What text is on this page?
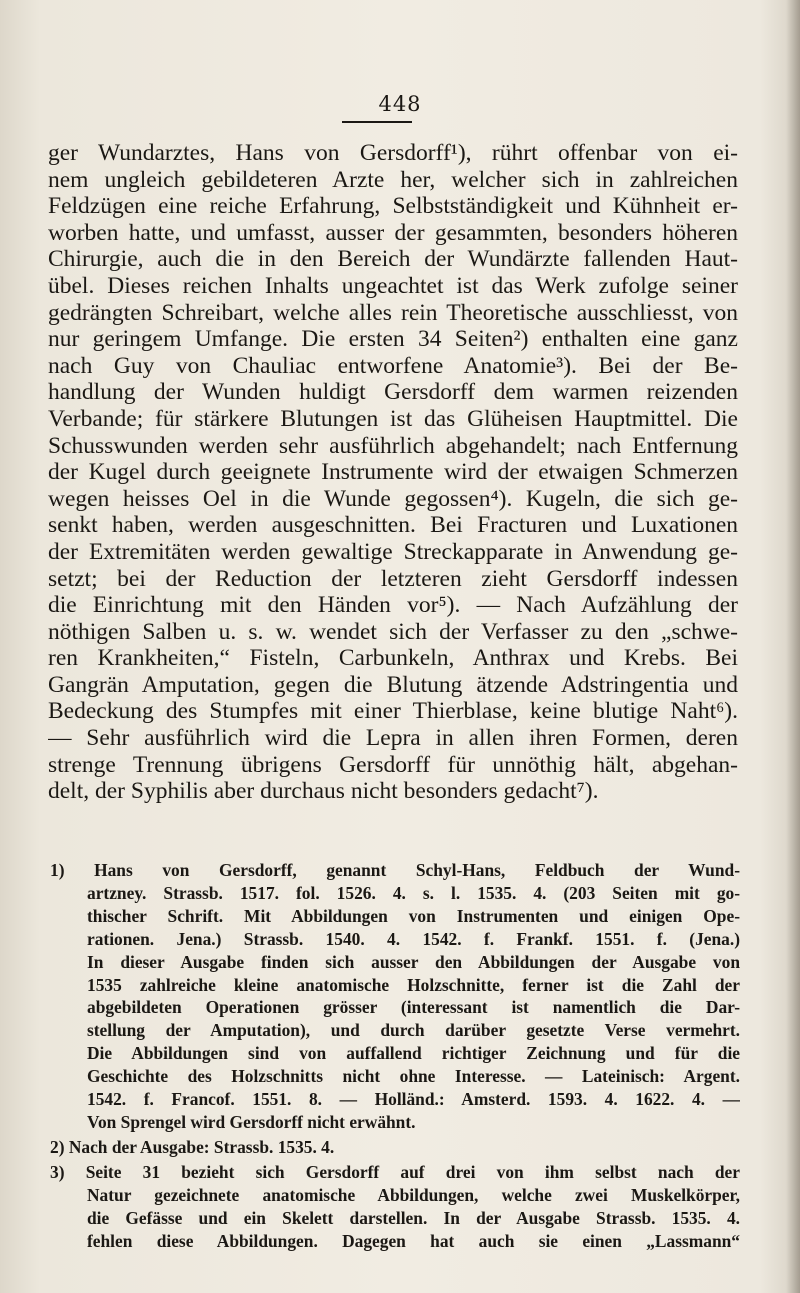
448
ger Wundarztes, Hans von Gersdorff¹), rührt offenbar von ei-
nem ungleich gebildeteren Arzte her, welcher sich in zahlreichen
Feldzügen eine reiche Erfahrung, Selbstständigkeit und Kühnheit er-
worben hatte, und umfasst, ausser der gesammten, besonders höheren
Chirurgie, auch die in den Bereich der Wundärzte fallenden Haut-
übel. Dieses reichen Inhalts ungeachtet ist das Werk zufolge seiner
gedrängten Schreibart, welche alles rein Theoretische ausschliesst, von
nur geringem Umfange. Die ersten 34 Seiten²) enthalten eine ganz
nach Guy von Chauliac entworfene Anatomie³). Bei der Be-
handlung der Wunden huldigt Gersdorff dem warmen reizenden
Verbande; für stärkere Blutungen ist das Glüheisen Hauptmittel. Die
Schusswunden werden sehr ausführlich abgehandelt; nach Entfernung
der Kugel durch geeignete Instrumente wird der etwaigen Schmerzen
wegen heisses Oel in die Wunde gegossen⁴). Kugeln, die sich ge-
senkt haben, werden ausgeschnitten. Bei Fracturen und Luxationen
der Extremitäten werden gewaltige Streckapparate in Anwendung ge-
setzt; bei der Reduction der letzteren zieht Gersdorff indessen
die Einrichtung mit den Händen vor⁵). — Nach Aufzählung der
nöthigen Salben u. s. w. wendet sich der Verfasser zu den „schwe-
ren Krankheiten,“ Fisteln, Carbunkeln, Anthrax und Krebs. Bei
Gangrän Amputation, gegen die Blutung ätzende Adstringentia und
Bedeckung des Stumpfes mit einer Thierblase, keine blutige Naht⁶).
— Sehr ausführlich wird die Lepra in allen ihren Formen, deren
strenge Trennung übrigens Gersdorff für unnöthig hält, abgehan-
delt, der Syphilis aber durchaus nicht besonders gedacht⁷).
1) Hans von Gersdorff, genannt Schyl-Hans, Feldbuch der Wund-
artzney. Strassb. 1517. fol. 1526. 4. s. l. 1535. 4. (203 Seiten mit go-
thischer Schrift. Mit Abbildungen von Instrumenten und einigen Ope-
rationen. Jena.) Strassb. 1540. 4. 1542. f. Frankf. 1551. f. (Jena.)
In dieser Ausgabe finden sich ausser den Abbildungen der Ausgabe von
1535 zahlreiche kleine anatomische Holzschnitte, ferner ist die Zahl der
abgebildeten Operationen grösser (interessant ist namentlich die Dar-
stellung der Amputation), und durch darüber gesetzte Verse vermehrt.
Die Abbildungen sind von auffallend richtiger Zeichnung und für die
Geschichte des Holzschnitts nicht ohne Interesse. — Lateinisch: Argent.
1542. f. Francof. 1551. 8. — Holländ.: Amsterd. 1593. 4. 1622. 4. —
Von Sprengel wird Gersdorff nicht erwähnt.
2) Nach der Ausgabe: Strassb. 1535. 4.
3) Seite 31 bezieht sich Gersdorff auf drei von ihm selbst nach der
Natur gezeichnete anatomische Abbildungen, welche zwei Muskelkörper,
die Gefässe und ein Skelett darstellen. In der Ausgabe Strassb. 1535. 4.
fehlen diese Abbildungen. Dagegen hat auch sie einen „Lassmann“
